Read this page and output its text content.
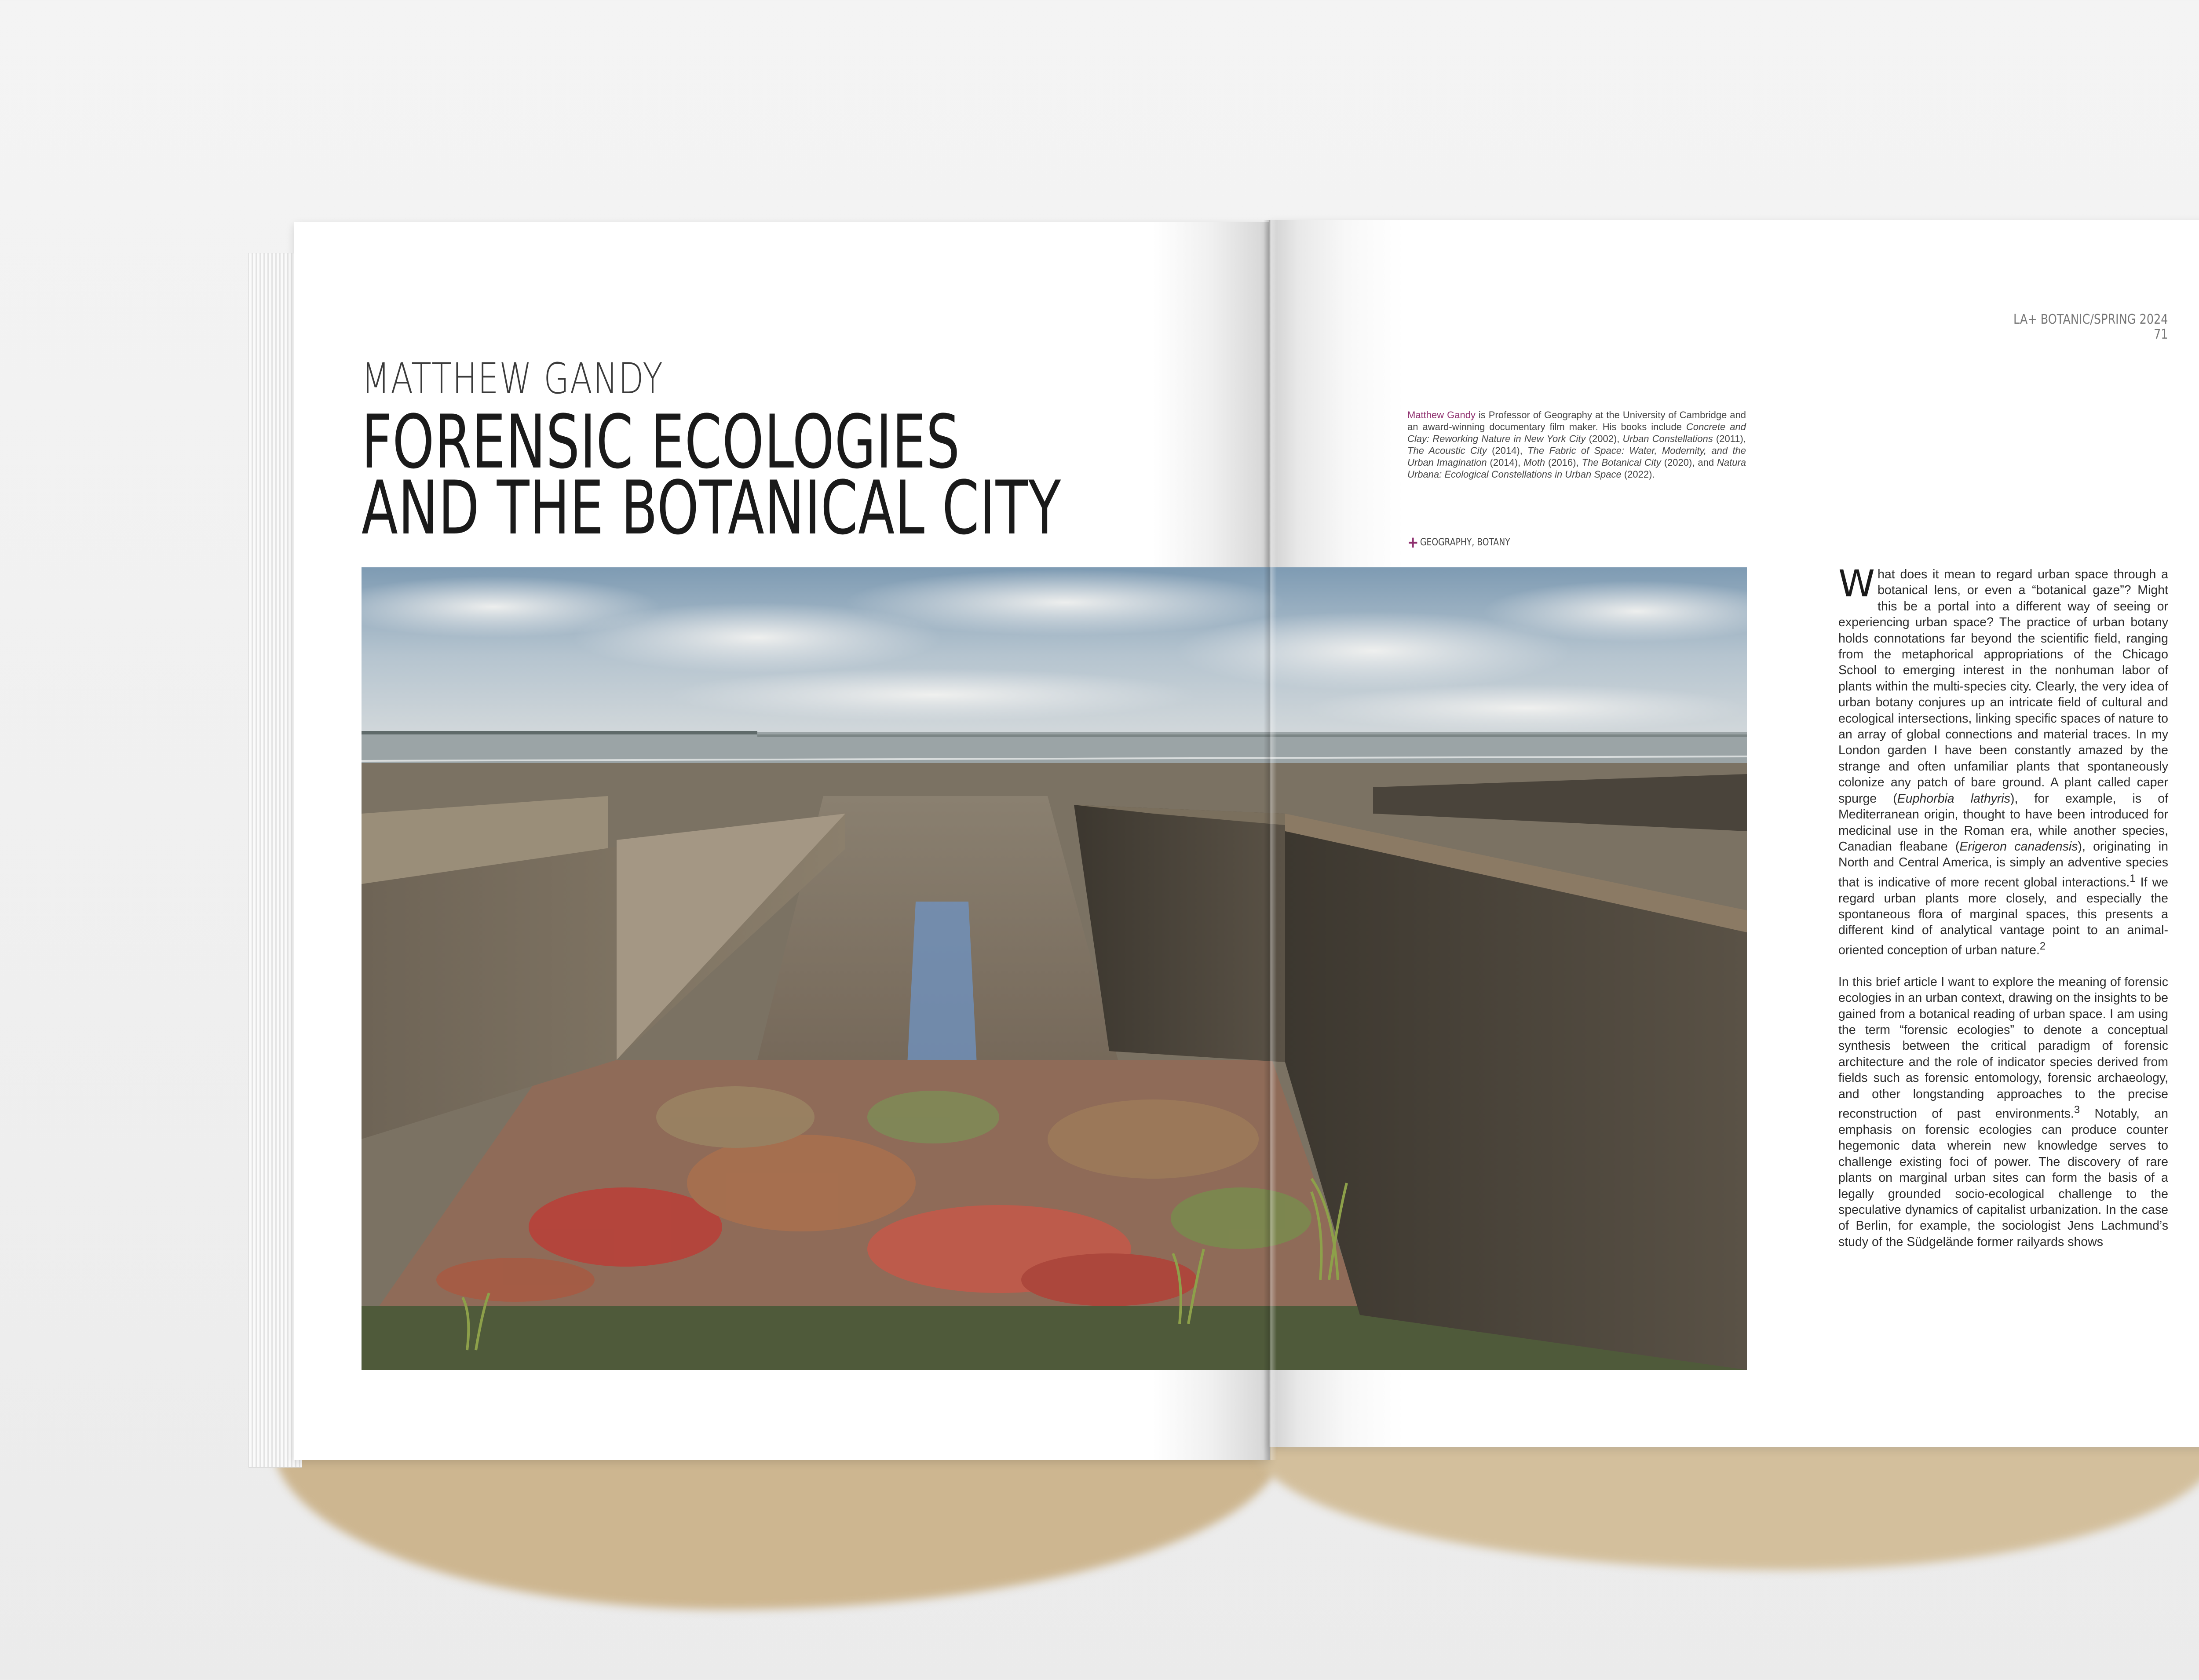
MATTHEW GANDY
FORENSIC ECOLOGIES
AND THE BOTANICAL CITY
LA+ BOTANIC/SPRING 2024
71
Matthew Gandy is Professor of Geography at the University of Cambridge and an award-winning documentary film maker. His books include Concrete and Clay: Reworking Nature in New York City (2002), Urban Constellations (2011), The Acoustic City (2014), The Fabric of Space: Water, Modernity, and the Urban Imagination (2014), Moth (2016), The Botanical City (2020), and Natura Urbana: Ecological Constellations in Urban Space (2022).
+ GEOGRAPHY, BOTANY

What does it mean to regard urban space through a botanical lens, or even a “botanical gaze”? Might this be a portal into a different way of seeing or experiencing urban space? The practice of urban botany holds connotations far beyond the scientific field, ranging from the metaphorical appropriations of the Chicago School to emerging interest in the nonhuman labor of plants within the multi-species city. Clearly, the very idea of urban botany conjures up an intricate field of cultural and ecological intersections, linking specific spaces of nature to an array of global connections and material traces. In my London garden I have been constantly amazed by the strange and often unfamiliar plants that spontaneously colonize any patch of bare ground. A plant called caper spurge (Euphorbia lathyris), for example, is of Mediterranean origin, thought to have been introduced for medicinal use in the Roman era, while another species, Canadian fleabane (Erigeron canadensis), originating in North and Central America, is simply an adventive species that is indicative of more recent global interactions.$^1$ If we regard urban plants more closely, and especially the spontaneous flora of marginal spaces, this presents a different kind of analytical vantage point to an animal-oriented conception of urban nature.$^2$

In this brief article I want to explore the meaning of forensic ecologies in an urban context, drawing on the insights to be gained from a botanical reading of urban space. I am using the term “forensic ecologies” to denote a conceptual synthesis between the critical paradigm of forensic architecture and the role of indicator species derived from fields such as forensic entomology, forensic archaeology, and other longstanding approaches to the precise reconstruction of past environments.$^3$ Notably, an emphasis on forensic ecologies can produce counter hegemonic data wherein new knowledge serves to challenge existing foci of power. The discovery of rare plants on marginal urban sites can form the basis of a legally grounded socio-ecological challenge to the speculative dynamics of capitalist urbanization. In the case of Berlin, for example, the sociologist Jens Lachmund’s study of the Südgelände former railyards shows
